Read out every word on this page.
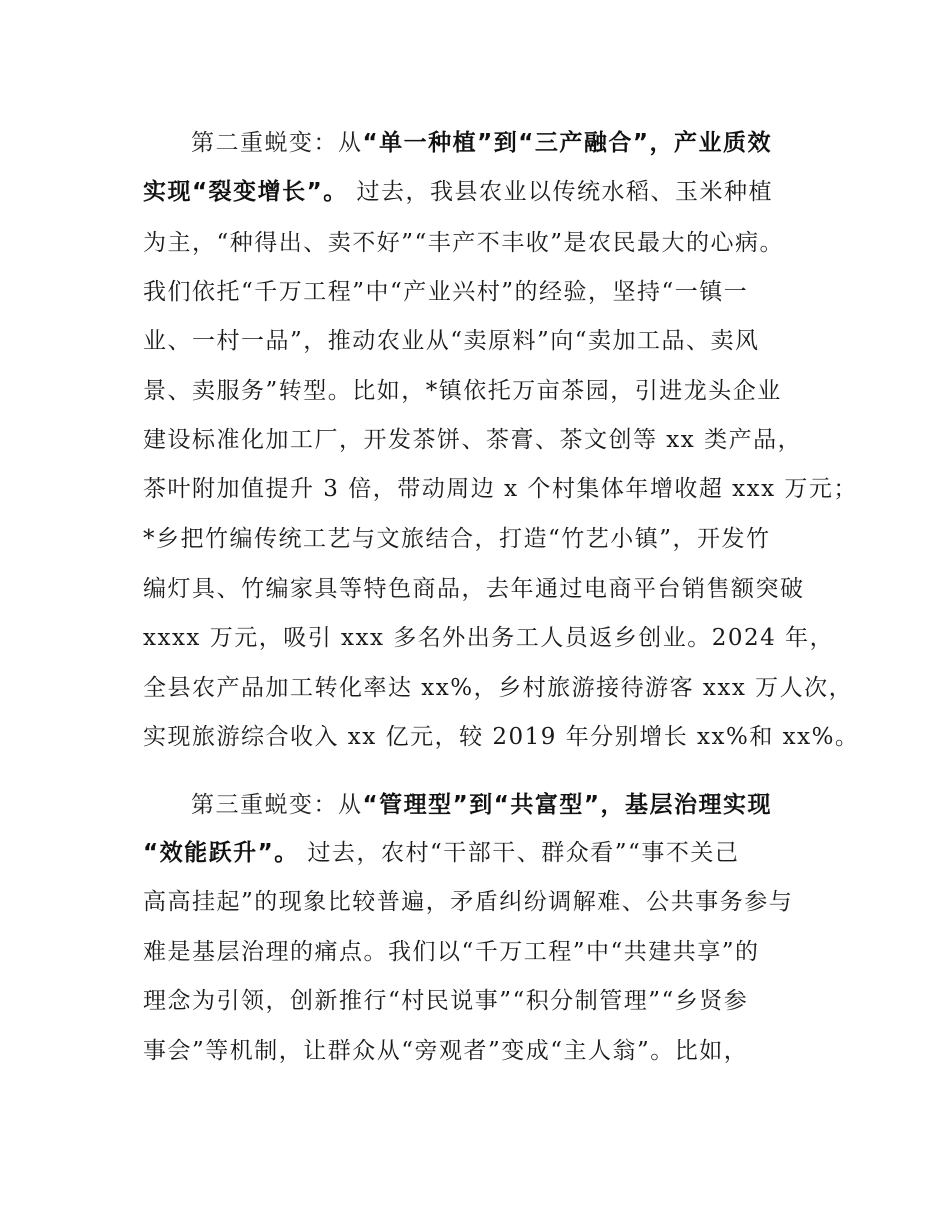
第二重蜕变：从“单一种植”到“三产融合”，产业质效
实现“裂变增长”。 过去，我县农业以传统水稻、玉米种植
为主，“种得出、卖不好”“丰产不丰收”是农民最大的心病。
我们依托“千万工程”中“产业兴村”的经验，坚持“一镇一
业、一村一品”，推动农业从“卖原料”向“卖加工品、卖风
景、卖服务”转型。比如，*镇依托万亩茶园，引进龙头企业
建设标准化加工厂，开发茶饼、茶膏、茶文创等 xx 类产品，
茶叶附加值提升 3 倍，带动周边 x 个村集体年增收超 xxx 万元；
*乡把竹编传统工艺与文旅结合，打造“竹艺小镇”，开发竹
编灯具、竹编家具等特色商品，去年通过电商平台销售额突破
xxxx 万元，吸引 xxx 多名外出务工人员返乡创业。2024 年，
全县农产品加工转化率达 xx%，乡村旅游接待游客 xxx 万人次，
实现旅游综合收入 xx 亿元，较 2019 年分别增长 xx%和 xx%。
第三重蜕变：从“管理型”到“共富型”，基层治理实现
“效能跃升”。 过去，农村“干部干、群众看”“事不关己
高高挂起”的现象比较普遍，矛盾纠纷调解难、公共事务参与
难是基层治理的痛点。我们以“千万工程”中“共建共享”的
理念为引领，创新推行“村民说事”“积分制管理”“乡贤参
事会”等机制，让群众从“旁观者”变成“主人翁”。比如，
